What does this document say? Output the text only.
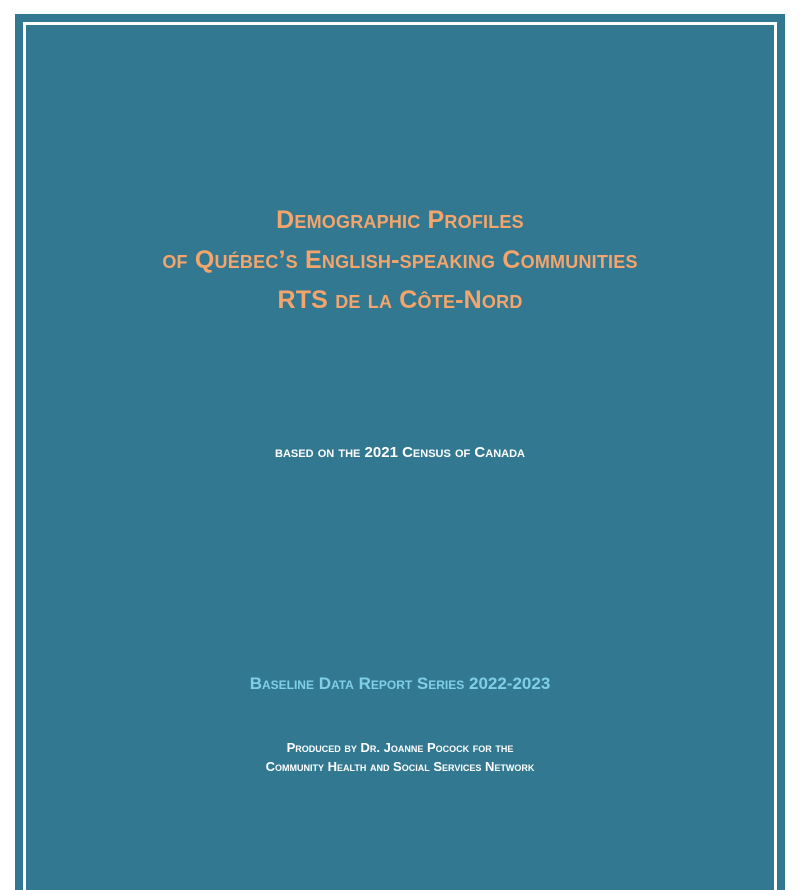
Demographic Profiles
of Québec’s English-speaking Communities
RTS de la Côte-Nord
based on the 2021 Census of Canada
Baseline Data Report Series 2022-2023
Produced by Dr. Joanne Pocock for the
Community Health and Social Services Network
